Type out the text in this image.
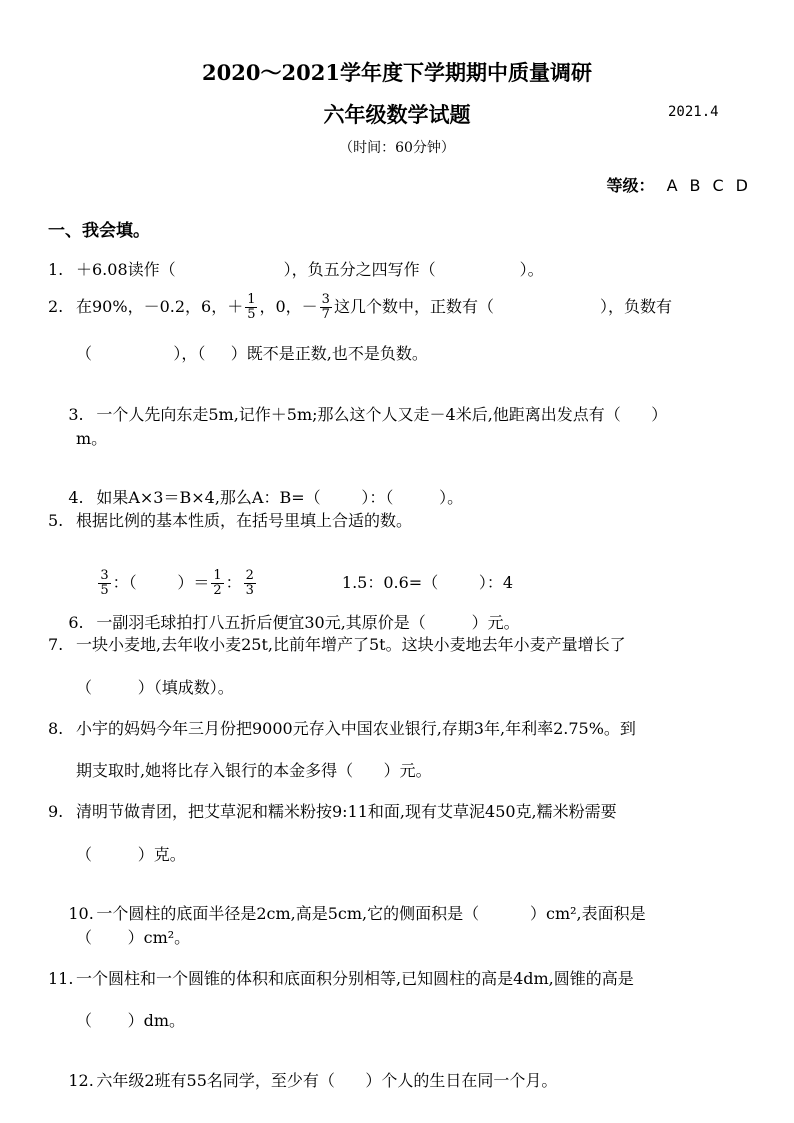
2020～2021学年度下学期期中质量调研
六年级数学试题	2021.4
（时间：60分钟）
等级： A B C D
一、我会填。
1. ＋6.08读作（	），负五分之四写作（	）。
2. 在90%，－0.2，6，＋ $\frac{1}{5}$ ，0，－ $\frac{3}{7}$ 这几个数中，正数有（	），负数有
（                ），（     ）既不是正数,也不是负数。

3. 一个人先向东走5m,记作＋5m;那么这个人又走－4米后,他距离出发点有（      ）

m。

4. 如果A×3＝B×4,那么A：B=（        ）：（         ）。

5. 根据比例的基本性质，在括号里填上合适的数。

$\frac{3}{5}$ ：（        ）＝ $\frac{1}{2}$ ： $\frac{2}{3}$	1.5：0.6=（        ）：4

6. 一副羽毛球拍打八五折后便宜30元,其原价是（         ）元。

7. 一块小麦地,去年收小麦25t,比前年增产了5t。这块小麦地去年小麦产量增长了
（         ）（填成数）。
8. 小宇的妈妈今年三月份把9000元存入中国农业银行,存期3年,年利率2.75%。到
期支取时,她将比存入银行的本金多得（      ）元。
9. 清明节做青团，把艾草泥和糯米粉按9:11和面,现有艾草泥450克,糯米粉需要
（         ）克。

10. 一个圆柱的底面半径是2cm,高是5cm,它的侧面积是（          ）cm²,表面积是

（       ）cm²。
11. 一个圆柱和一个圆锥的体积和底面积分别相等,已知圆柱的高是4dm,圆锥的高是
（       ）dm。

12. 六年级2班有55名同学，至少有（      ）个人的生日在同一个月。
